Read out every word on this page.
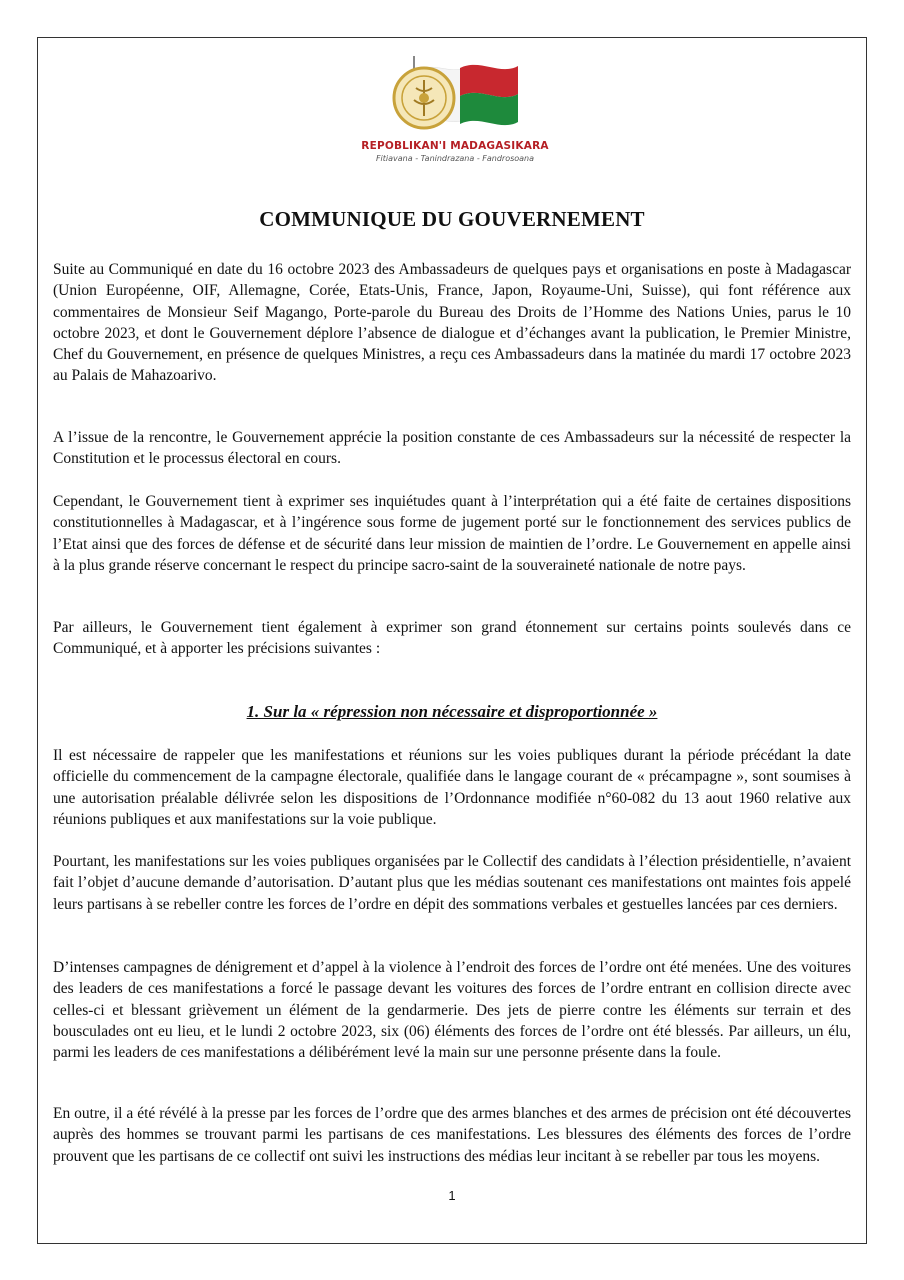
REPOBLIKAN'I MADAGASIKARA
Fitiavana - Tanindrazana - Fandrosoana
COMMUNIQUE DU GOUVERNEMENT

Suite au Communiqué en date du 16 octobre 2023 des Ambassadeurs de quelques pays et organisations en poste à Madagascar (Union Européenne, OIF, Allemagne, Corée, Etats-Unis, France, Japon, Royaume-Uni, Suisse), qui font référence aux commentaires de Monsieur Seif Magango, Porte-parole du Bureau des Droits de l’Homme des Nations Unies, parus le 10 octobre 2023, et dont le Gouvernement déplore l’absence de dialogue et d’échanges avant la publication, le Premier Ministre, Chef du Gouvernement, en présence de quelques Ministres, a reçu ces Ambassadeurs dans la matinée du mardi 17 octobre 2023 au Palais de Mahazoarivo.

A l’issue de la rencontre, le Gouvernement apprécie la position constante de ces Ambassadeurs sur la nécessité de respecter la Constitution et le processus électoral en cours.

Cependant, le Gouvernement tient à exprimer ses inquiétudes quant à l’interprétation qui a été faite de certaines dispositions constitutionnelles à Madagascar, et à l’ingérence sous forme de jugement porté sur le fonctionnement des services publics de l’Etat ainsi que des forces de défense et de sécurité dans leur mission de maintien de l’ordre. Le Gouvernement en appelle ainsi à la plus grande réserve concernant le respect du principe sacro-saint de la souveraineté nationale de notre pays.

Par ailleurs, le Gouvernement tient également à exprimer son grand étonnement sur certains points soulevés dans ce Communiqué, et à apporter les précisions suivantes :

1. Sur la « répression non nécessaire et disproportionnée »

Il est nécessaire de rappeler que les manifestations et réunions sur les voies publiques durant la période précédant la date officielle du commencement de la campagne électorale, qualifiée dans le langage courant de « précampagne », sont soumises à une autorisation préalable délivrée selon les dispositions de l’Ordonnance modifiée n°60-082 du 13 aout 1960 relative aux réunions publiques et aux manifestations sur la voie publique.

Pourtant, les manifestations sur les voies publiques organisées par le Collectif des candidats à l’élection présidentielle, n’avaient fait l’objet d’aucune demande d’autorisation. D’autant plus que les médias soutenant ces manifestations ont maintes fois appelé leurs partisans à se rebeller contre les forces de l’ordre en dépit des sommations verbales et gestuelles lancées par ces derniers.

D’intenses campagnes de dénigrement et d’appel à la violence à l’endroit des forces de l’ordre ont été menées. Une des voitures des leaders de ces manifestations a forcé le passage devant les voitures des forces de l’ordre entrant en collision directe avec celles-ci et blessant grièvement un élément de la gendarmerie. Des jets de pierre contre les éléments sur terrain et des bousculades ont eu lieu, et le lundi 2 octobre 2023, six (06) éléments des forces de l’ordre ont été blessés. Par ailleurs, un élu, parmi les leaders de ces manifestations a délibérément levé la main sur une personne présente dans la foule.

En outre, il a été révélé à la presse par les forces de l’ordre que des armes blanches et des armes de précision ont été découvertes auprès des hommes se trouvant parmi les partisans de ces manifestations. Les blessures des éléments des forces de l’ordre prouvent que les partisans de ce collectif ont suivi les instructions des médias leur incitant à se rebeller par tous les moyens.

1
